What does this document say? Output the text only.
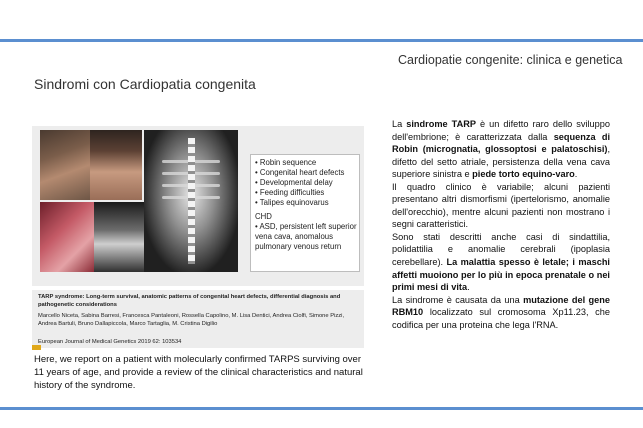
Cardiopatie congenite: clinica e genetica
Sindromi con Cardiopatia congenita
• Robin sequence
• Congenital heart defects
• Developmental delay
• Feeding difficulties
• Talipes equinovarus
CHD
• ASD, persistent left superior
vena cava, anomalous
pulmonary venous return
TARP syndrome: Long-term survival, anatomic patterns of congenital heart defects, differential diagnosis and
pathogenetic considerations
Marcello Niceta, Sabina Barresi, Francesca Pantaleoni, Rossella Capolino, M. Lisa Dentici, Andrea Ciolfi, Simone Pizzi,
Andrea Bartuli, Bruno Dallapiccola, Marco Tartaglia, M. Cristina Digilio
European Journal of Medical Genetics 2019 62: 103534
Here, we report on a patient with molecularly confirmed TARPS surviving over 11 years of age, and provide a review of the clinical characteristics and natural history of the syndrome.

La sindrome TARP è un difetto raro dello sviluppo dell'embrione; è caratterizzata dalla sequenza di Robin (micrognatia, glossoptosi e palatoschisi), difetto del setto atriale, persistenza della vena cava superiore sinistra e piede torto equino-varo.

Il quadro clinico è variabile; alcuni pazienti presentano altri dismorfismi (ipertelorismo, anomalie dell'orecchio), mentre alcuni pazienti non mostrano i segni caratteristici.

Sono stati descritti anche casi di sindattilia, polidattilia e anomalie cerebrali (ipoplasia cerebellare). La malattia spesso è letale; i maschi affetti muoiono per lo più in epoca prenatale o nei primi mesi di vita.

La sindrome è causata da una mutazione del gene RBM10 localizzato sul cromosoma Xp11.23, che codifica per una proteina che lega l'RNA.
